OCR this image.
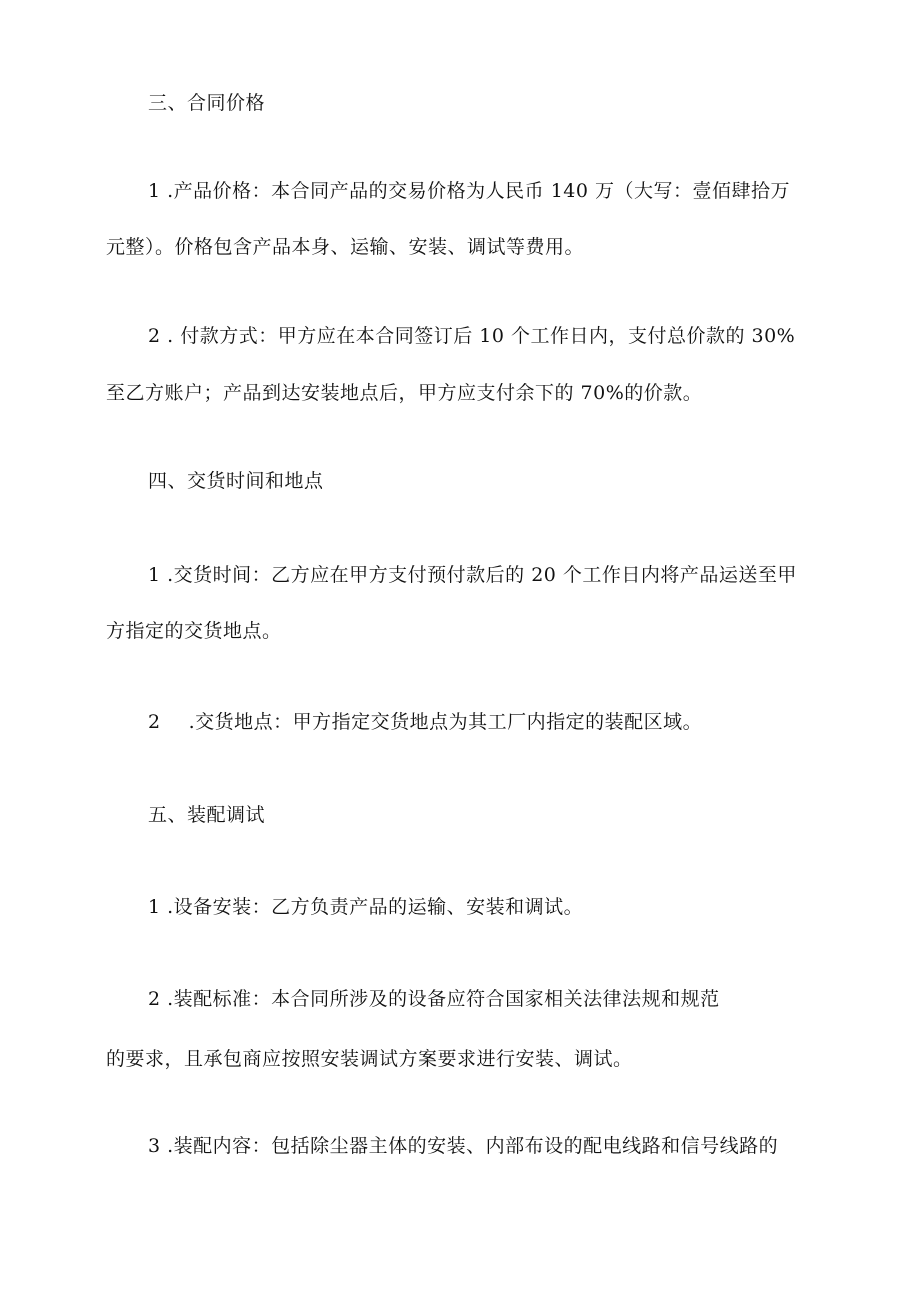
三、合同价格
1 .产品价格：本合同产品的交易价格为人民币 140 万（大写：壹佰肆拾万
元整）。价格包含产品本身、运输、安装、调试等费用。
2 . 付款方式：甲方应在本合同签订后 10 个工作日内，支付总价款的 30%
至乙方账户；产品到达安装地点后，甲方应支付余下的 70%的价款。
四、交货时间和地点
1 .交货时间：乙方应在甲方支付预付款后的 20 个工作日内将产品运送至甲
方指定的交货地点。
2 .交货地点：甲方指定交货地点为其工厂内指定的装配区域。
五、装配调试
1 .设备安装：乙方负责产品的运输、安装和调试。
2 .装配标准：本合同所涉及的设备应符合国家相关法律法规和规范
的要求，且承包商应按照安装调试方案要求进行安装、调试。
3 .装配内容：包括除尘器主体的安装、内部布设的配电线路和信号线路的
